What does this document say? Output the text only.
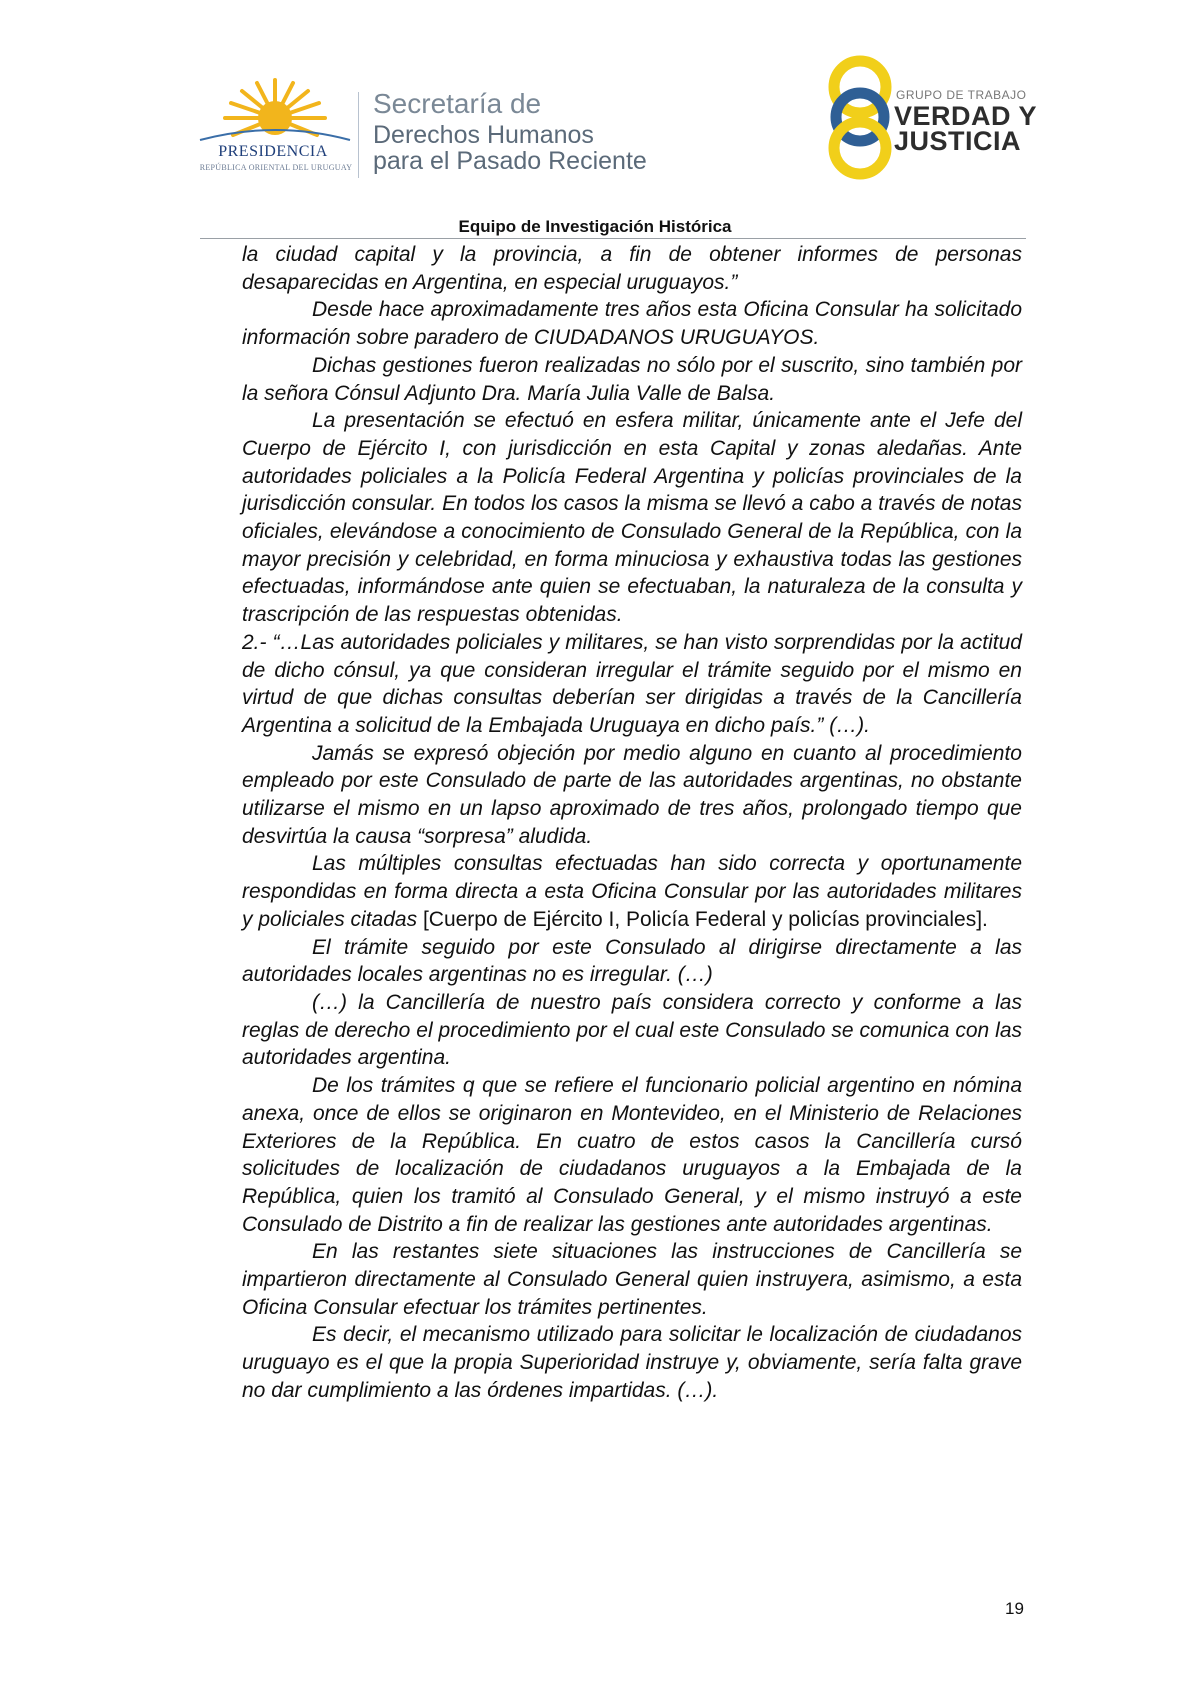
PRESIDENCIA
REPÚBLICA ORIENTAL DEL URUGUAY
Secretaría de
Derechos Humanos
para el Pasado Reciente
GRUPO DE TRABAJO
VERDAD Y
JUSTICIA
Equipo de Investigación Histórica

la ciudad capital y la provincia, a fin de obtener informes de personas desaparecidas en Argentina, en especial uruguayos.”

Desde hace aproximadamente tres años esta Oficina Consular ha solicitado información sobre paradero de CIUDADANOS URUGUAYOS.

Dichas gestiones fueron realizadas no sólo por el suscrito, sino también por la señora Cónsul Adjunto Dra. María Julia Valle de Balsa.

La presentación se efectuó en esfera militar, únicamente ante el Jefe del Cuerpo de Ejército I, con jurisdicción en esta Capital y zonas aledañas. Ante autoridades policiales a la Policía Federal Argentina y policías provinciales de la jurisdicción consular. En todos los casos la misma se llevó a cabo a través de notas oficiales, elevándose a conocimiento de Consulado General de la República, con la mayor precisión y celebridad, en forma minuciosa y exhaustiva todas las gestiones efectuadas, informándose ante quien se efectuaban, la naturaleza de la consulta y trascripción de las respuestas obtenidas.

2.- “…Las autoridades policiales y militares, se han visto sorprendidas por la actitud de dicho cónsul, ya que consideran irregular el trámite seguido por el mismo en virtud de que dichas consultas deberían ser dirigidas a través de la Cancillería Argentina a solicitud de la Embajada Uruguaya en dicho país.” (…).

Jamás se expresó objeción por medio alguno en cuanto al procedimiento empleado por este Consulado de parte de las autoridades argentinas, no obstante utilizarse el mismo en un lapso aproximado de tres años, prolongado tiempo que desvirtúa la causa “sorpresa” aludida.

Las múltiples consultas efectuadas han sido correcta y oportunamente respondidas en forma directa a esta Oficina Consular por las autoridades militares y policiales citadas [Cuerpo de Ejército I, Policía Federal y policías provinciales].

El trámite seguido por este Consulado al dirigirse directamente a las autoridades locales argentinas no es irregular. (…)

(…) la Cancillería de nuestro país considera correcto y conforme a las reglas de derecho el procedimiento por el cual este Consulado se comunica con las autoridades argentina.

De los trámites q que se refiere el funcionario policial argentino en nómina anexa, once de ellos se originaron en Montevideo, en el Ministerio de Relaciones Exteriores de la República. En cuatro de estos casos la Cancillería cursó solicitudes de localización de ciudadanos uruguayos a la Embajada de la República, quien los tramitó al Consulado General, y el mismo instruyó a este Consulado de Distrito a fin de realizar las gestiones ante autoridades argentinas.

En las restantes siete situaciones las instrucciones de Cancillería se impartieron directamente al Consulado General quien instruyera, asimismo, a esta Oficina Consular efectuar los trámites pertinentes.

Es decir, el mecanismo utilizado para solicitar le localización de ciudadanos uruguayo es el que la propia Superioridad instruye y, obviamente, sería falta grave no dar cumplimiento a las órdenes impartidas. (…).

19
